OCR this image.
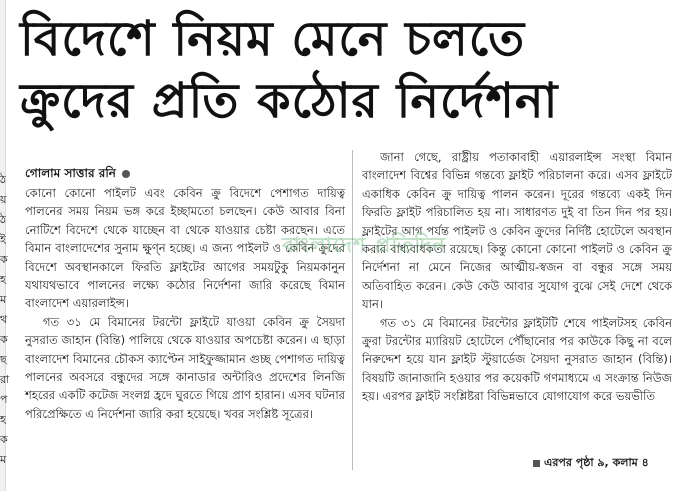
ঠ
য়
ঠ
ই
ক
হ
ম
থ
ক
ছ
রা
প
হ
ক
ম
বিদেশে নিয়ম মেনে চলতে
ক্রুদের প্রতি কঠোর নির্দেশনা
গোলাম সাত্তার রনি

কোনো কোনো পাইলট এবং কেবিন ক্রু বিদেশে পেশাগত দায়িত্ব পালনের সময় নিয়ম ভঙ্গ করে ইচ্ছামতো চলছেন। কেউ আবার বিনা নোটিশে বিদেশে থেকে যাচ্ছেন বা থেকে যাওয়ার চেষ্টা করছেন। এতে বিমান বাংলাদেশের সুনাম ক্ষুণ্ন হচ্ছে। এ জন্য পাইলট ও কেবিন ক্রুদের বিদেশে অবস্থানকালে ফিরতি ফ্লাইটের আগের সময়টুকু নিয়মকানুন যথাযথভাবে পালনের লক্ষ্যে কঠোর নির্দেশনা জারি করেছে বিমান বাংলাদেশ এয়ারলাইন্স।

গত ৩১ মে বিমানের টরন্টো ফ্লাইটে যাওয়া কেবিন ক্রু সৈয়দা নুসরাত জাহান (বিন্তি) পালিয়ে থেকে যাওয়ার অপচেষ্টা করেন। এ ছাড়া বাংলাদেশ বিমানের চৌকস ক্যাপ্টেন সাইফুজ্জামান গুচ্ছ পেশাগত দায়িত্ব পালনের অবসরে বন্ধুদের সঙ্গে কানাডার অন্টারিও প্রদেশের লিনজি শহরের একটি কটেজ সংলগ্ন হ্রদে ঘুরতে গিয়ে প্রাণ হারান। এসব ঘটনার পরিপ্রেক্ষিতে এ নির্দেশনা জারি করা হয়েছে। খবর সংশ্লিষ্ট সূত্রের।

জানা গেছে, রাষ্ট্রীয় পতাকাবাহী এয়ারলাইন্স সংস্থা বিমান বাংলাদেশ বিশ্বের বিভিন্ন গন্তব্যে ফ্লাইট পরিচালনা করে। এসব ফ্লাইটে একাধিক কেবিন ক্রু দায়িত্ব পালন করেন। দূরের গন্তব্যে একই দিন ফিরতি ফ্লাইট পরিচালিত হয় না। সাধারণত দুই বা তিন দিন পর হয়। ফ্লাইটের আগ পর্যন্ত পাইলট ও কেবিন ক্রুদের নির্দিষ্ট হোটেলে অবস্থান করার বাধ্যবাধকতা রয়েছে। কিন্তু কোনো কোনো পাইলট ও কেবিন ক্রু নির্দেশনা না মেনে নিজের আত্মীয়-স্বজন বা বন্ধুর সঙ্গে সময় অতিবাহিত করেন। কেউ কেউ আবার সুযোগ বুঝে সেই দেশে থেকে যান।

গত ৩১ মে বিমানের টরন্টোর ফ্লাইটটি শেষে পাইলটসহ কেবিন ক্রুরা টরন্টোর ম্যারিয়ট হোটেলে পৌঁছানোর পর কাউকে কিছু না বলে নিরুদ্দেশ হয়ে যান ফ্লাইট স্টুয়ার্ডেজ সৈয়দা নুসরাত জাহান (বিন্তি)। বিষয়টি জানাজানি হওয়ার পর কয়েকটি গণমাধ্যমে এ সংক্রান্ত নিউজ হয়। এরপর ফ্লাইট সংশ্লিষ্টরা বিভিন্নভাবে যোগাযোগ করে ভয়ভীতি

বাংলাদেশ প্রতিদিন
এরপর পৃষ্ঠা ৯, কলাম ৪
